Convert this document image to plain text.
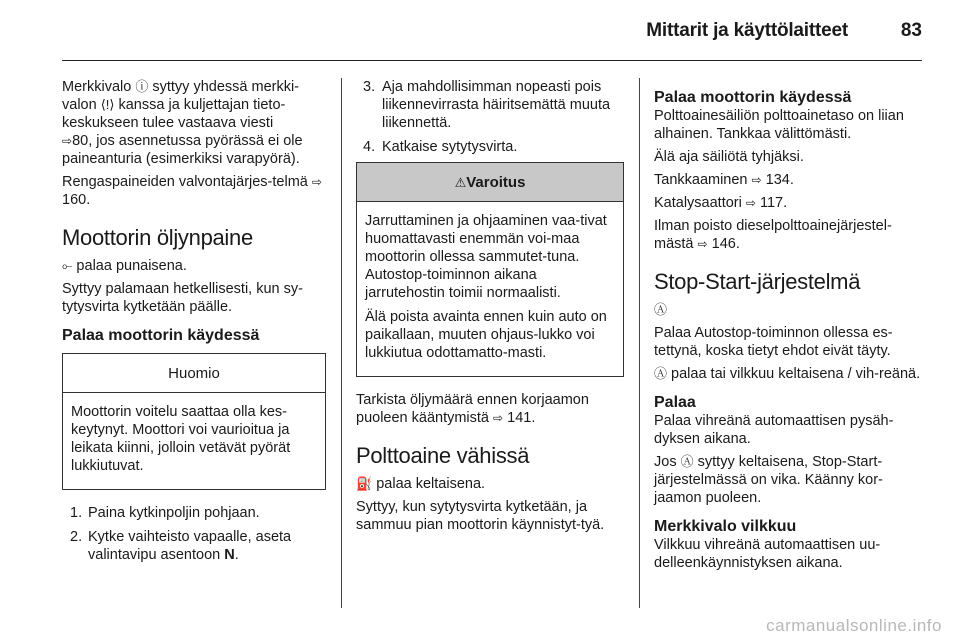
Mittarit ja käyttölaitteet	83

Merkkivalo ⓘ syttyy yhdessä merkki-valon ⟨!⟩ kanssa ja kuljettajan tieto-keskukseen tulee vastaava viesti
⇨80, jos asennetussa pyörässä ei ole paineanturia (esimerkiksi varapyörä).

Rengaspaineiden valvontajärjes-telmä ⇨ 160.

Moottorin öljynpaine

⟜ palaa punaisena.

Syttyy palamaan hetkellisesti, kun sy-tytysvirta kytketään päälle.

Palaa moottorin käydessä
Huomio

Moottorin voitelu saattaa olla kes-keytynyt. Moottori voi vaurioitua ja leikata kiinni, jolloin vetävät pyörät lukkiutuvat.

1. Paina kytkinpoljin pohjaan.
2. Kytke vaihteisto vapaalle, aseta valintavipu asentoon N.
3. Aja mahdollisimman nopeasti pois liikennevirrasta häiritsemättä muuta liikennettä.
4. Katkaise sytytysvirta.
⚠Varoitus

Jarruttaminen ja ohjaaminen vaa-tivat huomattavasti enemmän voi-maa moottorin ollessa sammutet-tuna. Autostop-toiminnon aikana jarrutehostin toimii normaalisti.

Älä poista avainta ennen kuin auto on paikallaan, muuten ohjaus-lukko voi lukkiutua odottamatto-masti.

Tarkista öljymäärä ennen korjaamon puoleen kääntymistä ⇨ 141.

Polttoaine vähissä

⛽ palaa keltaisena.

Syttyy, kun sytytysvirta kytketään, ja sammuu pian moottorin käynnistyt-tyä.

Palaa moottorin käydessä

Polttoainesäiliön polttoainetaso on liian alhainen. Tankkaa välittömästi.

Älä aja säiliötä tyhjäksi.

Tankkaaminen ⇨ 134.

Katalysaattori ⇨ 117.

Ilman poisto dieselpolttoainejärjestel-mästä ⇨ 146.

Stop-Start-järjestelmä

Ⓐ

Palaa Autostop-toiminnon ollessa es-tettynä, koska tietyt ehdot eivät täyty.

Ⓐ palaa tai vilkkuu keltaisena / vih-reänä.

Palaa

Palaa vihreänä automaattisen pysäh-dyksen aikana.

Jos Ⓐ syttyy keltaisena, Stop-Start-järjestelmässä on vika. Käänny kor-jaamon puoleen.

Merkkivalo vilkkuu

Vilkkuu vihreänä automaattisen uu-delleenkäynnistyksen aikana.

carmanualsonline.info
